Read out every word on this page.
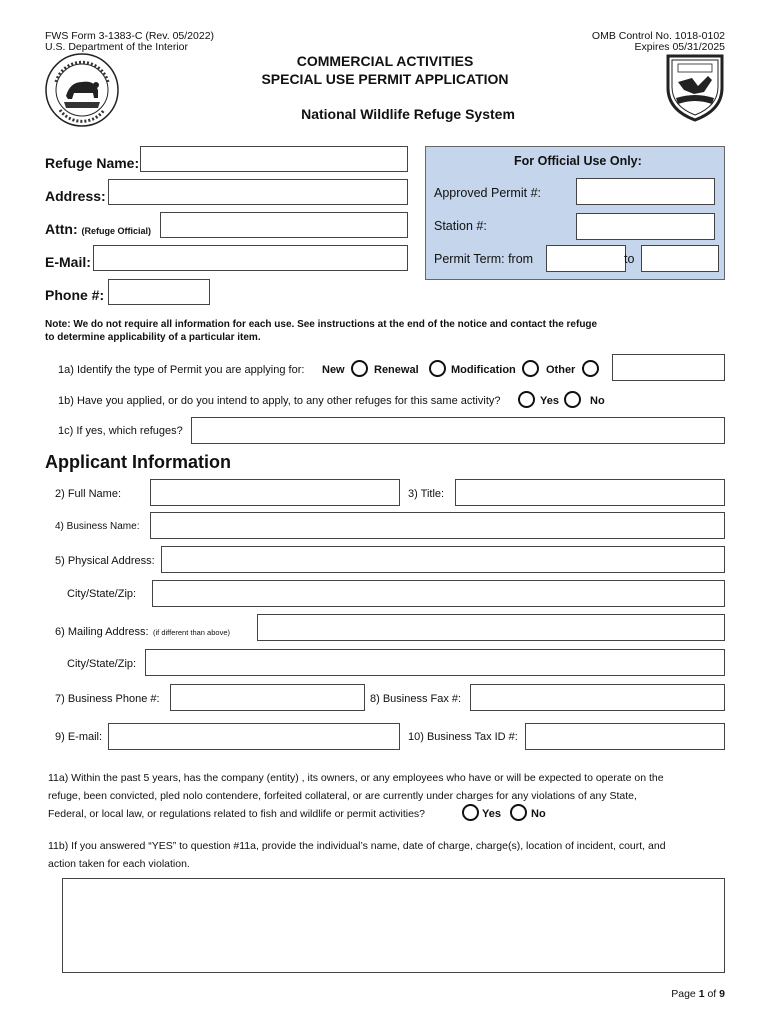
FWS Form 3-1383-C (Rev. 05/2022)
U.S. Department of the Interior
OMB Control No. 1018-0102
Expires 05/31/2025
COMMERCIAL ACTIVITIES
SPECIAL USE PERMIT APPLICATION
National Wildlife Refuge System
Refuge Name:
Address:
Attn: (Refuge Official)
E-Mail:
Phone #:
For Official Use Only:
Approved Permit #:
Station #:
Permit Term: from	to
Note: We do not require all information for each use. See instructions at the end of the notice and contact the refuge
to determine applicability of a particular item.
1a) Identify the type of Permit you are applying for: New	Renewal	Modification	Other
1b) Have you applied, or do you intend to apply, to any other refuges for this same activity?	Yes	No
1c) If yes, which refuges?
Applicant Information
2) Full Name:	3) Title:
4) Business Name:
5) Physical Address:
City/State/Zip:
6) Mailing Address: (if different than above)
City/State/Zip:
7) Business Phone #:	8) Business Fax #:
9) E-mail:	10) Business Tax ID #:
11a) Within the past 5 years, has the company (entity) , its owners, or any employees who have or will be expected to operate on the
refuge, been convicted, pled nolo contendere, forfeited collateral, or are currently under charges for any violations of any State,
Federal, or local law, or regulations related to fish and wildlife or permit activities?	Yes	No
11b) If you answered “YES” to question #11a, provide the individual’s name, date of charge, charge(s), location of incident, court, and
action taken for each violation.
Page 1 of 9
